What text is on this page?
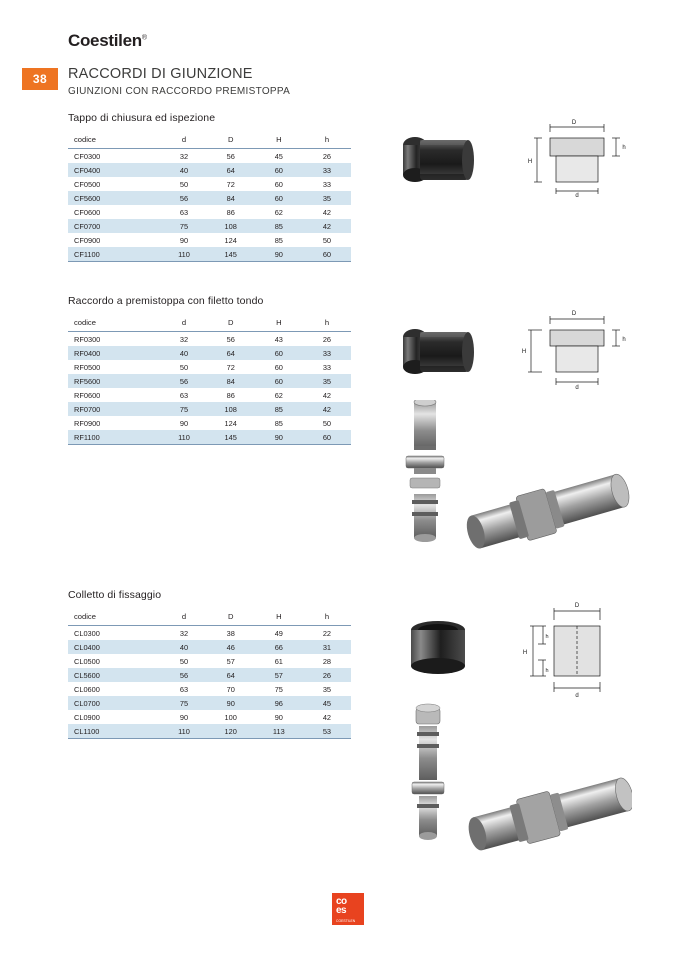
38
Coestilen®
RACCORDI DI GIUNZIONE
GIUNZIONI CON RACCORDO PREMISTOPPA
Tappo di chiusura ed ispezione
codice	d	D	H	h
CF0300	32	56	45	26
CF0400	40	64	60	33
CF0500	50	72	60	33
CF5600	56	84	60	35
CF0600	63	86	62	42
CF0700	75	108	85	42
CF0900	90	124	85	50
CF1100	110	145	90	60
D
H
h
d
Raccordo a premistoppa con filetto tondo
codice	d	D	H	h
RF0300	32	56	43	26
RF0400	40	64	60	33
RF0500	50	72	60	33
RF5600	56	84	60	35
RF0600	63	86	62	42
RF0700	75	108	85	42
RF0900	90	124	85	50
RF1100	110	145	90	60
D
H
h
d
Colletto di fissaggio
codice	d	D	H	h
CL0300	32	38	49	22
CL0400	40	46	66	31
CL0500	50	57	61	28
CL5600	56	64	57	26
CL0600	63	70	75	35
CL0700	75	90	96	45
CL0900	90	100	90	42
CL1100	110	120	113	53
D
H
h
h
d
co
es
COESTILEN
